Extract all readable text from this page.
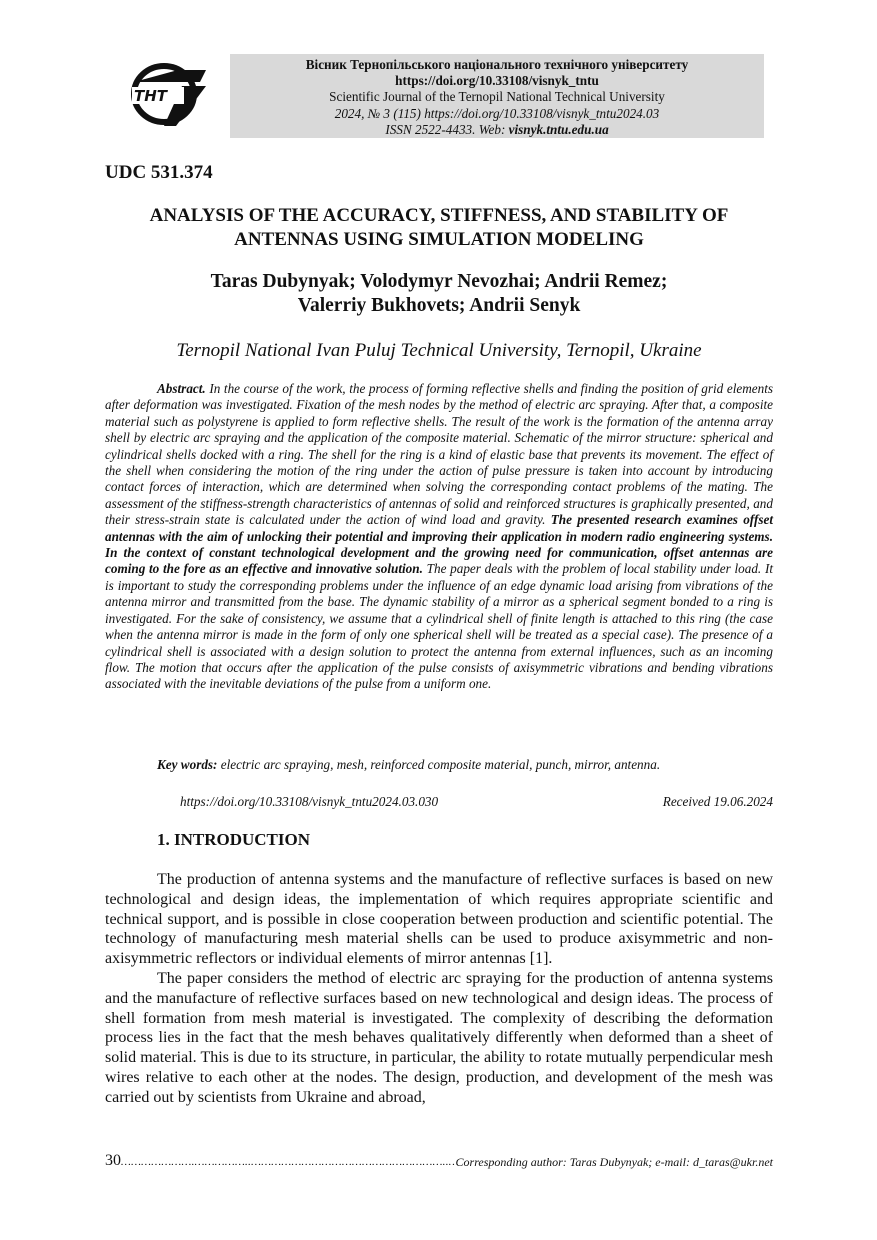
ТНТ
Вісник Тернопільського національного технічного університету
https://doi.org/10.33108/visnyk_tntu
Scientific Journal of the Ternopil National Technical University
2024, № 3 (115) https://doi.org/10.33108/visnyk_tntu2024.03
ISSN 2522-4433. Web: visnyk.tntu.edu.ua
UDC 531.374
ANALYSIS OF THE ACCURACY, STIFFNESS, AND STABILITY OF
ANTENNAS USING SIMULATION MODELING
Taras Dubynyak; Volodymyr Nevozhai; Andrii Remez;
Valerriy Bukhovets; Andrii Senyk
Ternopil National Ivan Puluj Technical University, Ternopil, Ukraine

Abstract. In the course of the work, the process of forming reflective shells and finding the position of grid elements after deformation was investigated. Fixation of the mesh nodes by the method of electric arc spraying. After that, a composite material such as polystyrene is applied to form reflective shells. The result of the work is the formation of the antenna array shell by electric arc spraying and the application of the composite material. Schematic of the mirror structure: spherical and cylindrical shells docked with a ring. The shell for the ring is a kind of elastic base that prevents its movement. The effect of the shell when considering the motion of the ring under the action of pulse pressure is taken into account by introducing contact forces of interaction, which are determined when solving the corresponding contact problems of the mating. The assessment of the stiffness-strength characteristics of antennas of solid and reinforced structures is graphically presented, and their stress-strain state is calculated under the action of wind load and gravity. The presented research examines offset antennas with the aim of unlocking their potential and improving their application in modern radio engineering systems. In the context of constant technological development and the growing need for communication, offset antennas are coming to the fore as an effective and innovative solution. The paper deals with the problem of local stability under load. It is important to study the corresponding problems under the influence of an edge dynamic load arising from vibrations of the antenna mirror and transmitted from the base. The dynamic stability of a mirror as a spherical segment bonded to a ring is investigated. For the sake of consistency, we assume that a cylindrical shell of finite length is attached to this ring (the case when the antenna mirror is made in the form of only one spherical shell will be treated as a special case). The presence of a cylindrical shell is associated with a design solution to protect the antenna from external influences, such as an incoming flow. The motion that occurs after the application of the pulse consists of axisymmetric vibrations and bending vibrations associated with the inevitable deviations of the pulse from a uniform one.

Key words: electric arc spraying, mesh, reinforced composite material, punch, mirror, antenna.
https://doi.org/10.33108/visnyk_tntu2024.03.030	Received 19.06.2024
1. INTRODUCTION

The production of antenna systems and the manufacture of reflective surfaces is based on new technological and design ideas, the implementation of which requires appropriate scientific and technical support, and is possible in close cooperation between production and scientific potential. The technology of manufacturing mesh material shells can be used to produce axisymmetric and non-axisymmetric reflectors or individual elements of mirror antennas [1].

The paper considers the method of electric arc spraying for the production of antenna systems and the manufacture of reflective surfaces based on new technological and design ideas. The process of shell formation from mesh material is investigated. The complexity of describing the deformation process lies in the fact that the mesh behaves qualitatively differently when deformed than a sheet of solid material. This is due to its structure, in particular, the ability to rotate mutually perpendicular mesh wires relative to each other at the nodes. The design, production, and development of the mesh was carried out by scientists from Ukraine and abroad,

30………………….……………..…………………………………………………..…
Corresponding author: Taras Dubynyak; e-mail: d_taras@ukr.net
